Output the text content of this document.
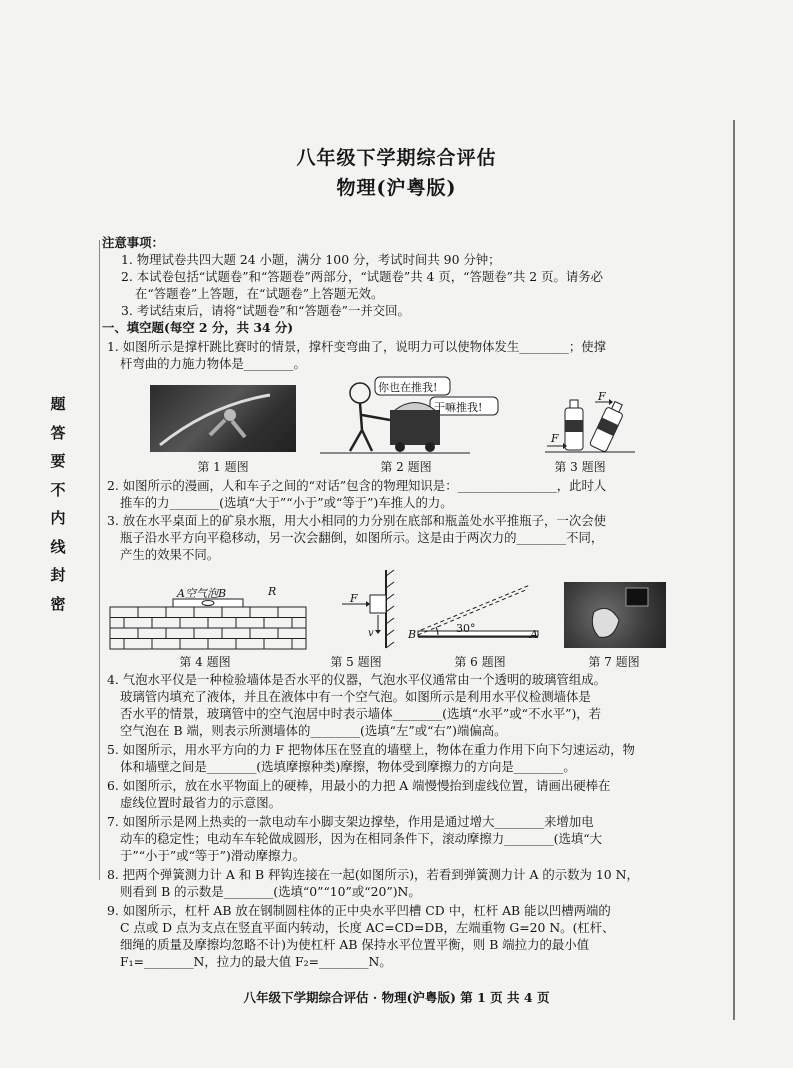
题
答
要
不
内
线
封
密
八年级下学期综合评估
物理(沪粤版)
注意事项：
1. 物理试卷共四大题 24 小题，满分 100 分，考试时间共 90 分钟；
2. 本试卷包括“试题卷”和“答题卷”两部分，“试题卷”共 4 页，“答题卷”共 2 页。请务必
在“答题卷”上答题，在“试题卷”上答题无效。
3. 考试结束后，请将“试题卷”和“答题卷”一并交回。
一、填空题(每空 2 分，共 34 分)
1. 如图所示是撑杆跳比赛时的情景，撑杆变弯曲了，说明力可以使物体发生________；使撑
杆弯曲的力施力物体是________。
第 1 题图
你也在推我!
干嘛推我!
第 2 题图
F
F
第 3 题图
2. 如图所示的漫画，人和车子之间的“对话”包含的物理知识是：________________，此时人
推车的力________(选填“大于”“小于”或“等于”)车推人的力。
3. 放在水平桌面上的矿泉水瓶，用大小相同的力分别在底部和瓶盖处水平推瓶子，一次会使
瓶子沿水平方向平稳移动，另一次会翻倒，如图所示。这是由于两次力的________不同，
产生的效果不同。
A空气泡B	R
第 4 题图
F
v
第 5 题图
B	A
30°
第 6 题图	第 7 题图
4. 气泡水平仪是一种检验墙体是否水平的仪器，气泡水平仪通常由一个透明的玻璃管组成。
玻璃管内填充了液体，并且在液体中有一个空气泡。如图所示是利用水平仪检测墙体是
否水平的情景，玻璃管中的空气泡居中时表示墙体________(选填“水平”或“不水平”)，若
空气泡在 B 端，则表示所测墙体的________(选填“左”或“右”)端偏高。
5. 如图所示，用水平方向的力 F 把物体压在竖直的墙壁上，物体在重力作用下向下匀速运动，物
体和墙壁之间是________(选填摩擦种类)摩擦，物体受到摩擦力的方向是________。
6. 如图所示，放在水平物面上的硬棒，用最小的力把 A 端慢慢抬到虚线位置，请画出硬棒在
虚线位置时最省力的示意图。
7. 如图所示是网上热卖的一款电动车小脚支架边撑垫，作用是通过增大________来增加电
动车的稳定性；电动车车轮做成圆形，因为在相同条件下，滚动摩擦力________(选填“大
于”“小于”或“等于”)滑动摩擦力。
8. 把两个弹簧测力计 A 和 B 秤钩连接在一起(如图所示)，若看到弹簧测力计 A 的示数为 10 N，
则看到 B 的示数是________(选填“0”“10”或“20”)N。
9. 如图所示，杠杆 AB 放在钢制圆柱体的正中央水平凹槽 CD 中，杠杆 AB 能以凹槽两端的
C 点或 D 点为支点在竖直平面内转动，长度 AC=CD=DB，左端重物 G=20 N。(杠杆、
细绳的质量及摩擦均忽略不计)为使杠杆 AB 保持水平位置平衡，则 B 端拉力的最小值
F₁=________N，拉力的最大值 F₂=________N。
八年级下学期综合评估 · 物理(沪粤版) 第 1 页 共 4 页
